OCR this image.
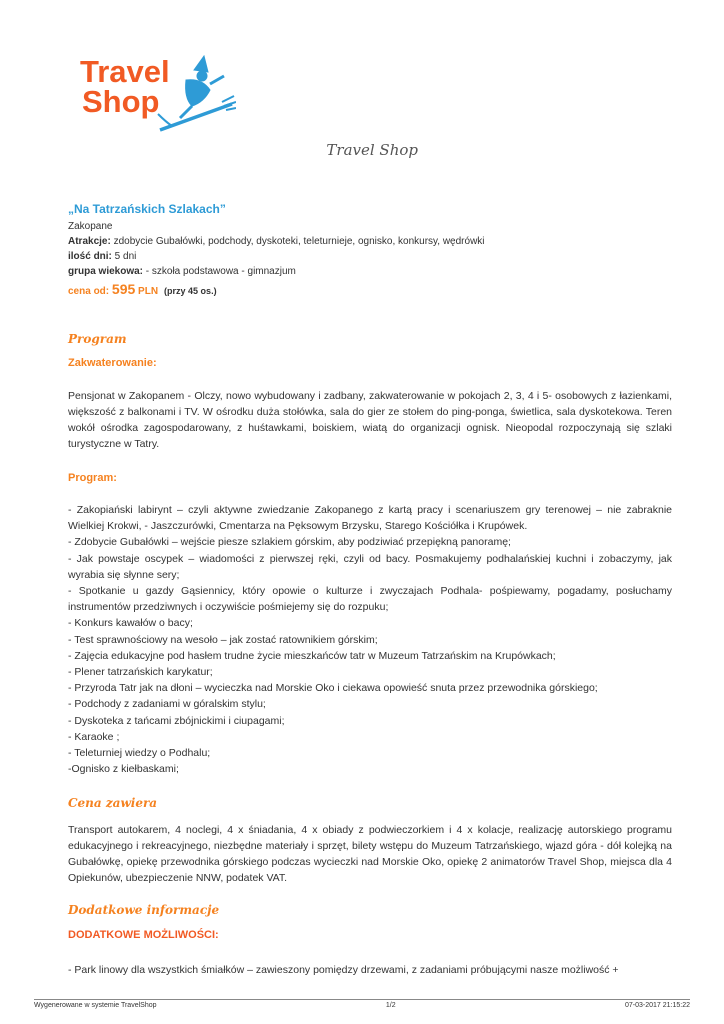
Travel
Shop
Travel Shop
„Na Tatrzańskich Szlakach”
Zakopane
Atrakcje: zdobycie Gubałówki, podchody, dyskoteki, teleturnieje, ognisko, konkursy, wędrówki
ilość dni: 5 dni
grupa wiekowa: - szkoła podstawowa - gimnazjum
cena od: 595 PLN (przy 45 os.)
Program
Zakwaterowanie:

Pensjonat w Zakopanem - Olczy, nowo wybudowany i zadbany, zakwaterowanie w pokojach 2, 3, 4 i 5- osobowych z łazienkami, większość z balkonami i TV. W ośrodku duża stołówka, sala do gier ze stołem do ping-ponga, świetlica, sala dyskotekowa. Teren wokół ośrodka zagospodarowany, z huśtawkami, boiskiem, wiatą do organizacji ognisk. Nieopodal rozpoczynają się szlaki turystyczne w Tatry.

Program:
- Zakopiański labirynt – czyli aktywne zwiedzanie Zakopanego z kartą pracy i scenariuszem gry terenowej – nie zabraknie Wielkiej Krokwi, - Jaszczurówki, Cmentarza na Pęksowym Brzysku, Starego Kościółka i Krupówek.
- Zdobycie Gubałówki – wejście piesze szlakiem górskim, aby podziwiać przepiękną panoramę;
- Jak powstaje oscypek – wiadomości z pierwszej ręki, czyli od bacy. Posmakujemy podhalańskiej kuchni i zobaczymy, jak wyrabia się słynne sery;
- Spotkanie u gazdy Gąsiennicy, który opowie o kulturze i zwyczajach Podhala- pośpiewamy, pogadamy, posłuchamy instrumentów przedziwnych i oczywiście pośmiejemy się do rozpuku;
- Konkurs kawałów o bacy;
- Test sprawnościowy na wesoło – jak zostać ratownikiem górskim;
- Zajęcia edukacyjne pod hasłem trudne życie mieszkańców tatr w Muzeum Tatrzańskim na Krupówkach;
- Plener tatrzańskich karykatur;
- Przyroda Tatr jak na dłoni – wycieczka nad Morskie Oko i ciekawa opowieść snuta przez przewodnika górskiego;
- Podchody z zadaniami w góralskim stylu;
- Dyskoteka z tańcami zbójnickimi i ciupagami;
- Karaoke ;
- Teleturniej wiedzy o Podhalu;
-Ognisko z kiełbaskami;
Cena zawiera

Transport autokarem, 4 noclegi, 4 x śniadania, 4 x obiady z podwieczorkiem i 4 x kolacje, realizację autorskiego programu edukacyjnego i rekreacyjnego, niezbędne materiały i sprzęt, bilety wstępu do Muzeum Tatrzańskiego, wjazd góra - dół kolejką na Gubałówkę, opiekę przewodnika górskiego podczas wycieczki nad Morskie Oko, opiekę 2 animatorów Travel Shop, miejsca dla 4 Opiekunów, ubezpieczenie NNW, podatek VAT.

Dodatkowe informacje
DODATKOWE MOŻLIWOŚCI:

- Park linowy dla wszystkich śmiałków – zawieszony pomiędzy drzewami, z zadaniami próbującymi nasze możliwość +

Wygenerowane w systemie TravelShop	1/2	07-03-2017 21:15:22
